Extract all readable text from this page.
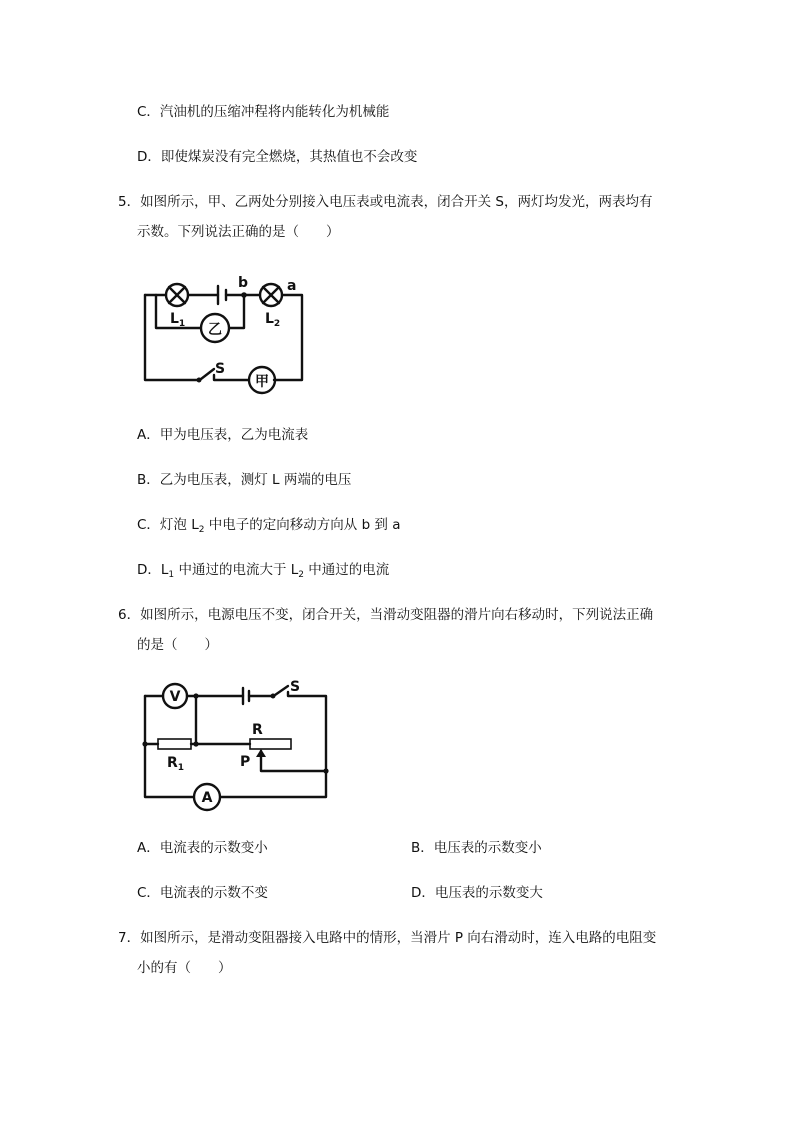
C．汽油机的压缩冲程将内能转化为机械能
D．即使煤炭没有完全燃烧，其热值也不会改变
5．如图所示，甲、乙两处分别接入电压表或电流表，闭合开关 S，两灯均发光，两表均有
示数。下列说法正确的是（　　）
乙
S
甲
b	a
$L_1$	$L_2$
A．甲为电压表，乙为电流表
B．乙为电压表，测灯 L 两端的电压
C．灯泡 $L_2$ 中电子的定向移动方向从 b 到 a
D．$L_1$ 中通过的电流大于 $L_2$ 中通过的电流
6．如图所示，电源电压不变，闭合开关，当滑动变阻器的滑片向右移动时，下列说法正确
的是（　　）
V
A
S
R
$R_1$	P
A．电流表的示数变小	B．电压表的示数变小
C．电流表的示数不变	D．电压表的示数变大
7．如图所示，是滑动变阻器接入电路中的情形，当滑片 P 向右滑动时，连入电路的电阻变
小的有（　　）
